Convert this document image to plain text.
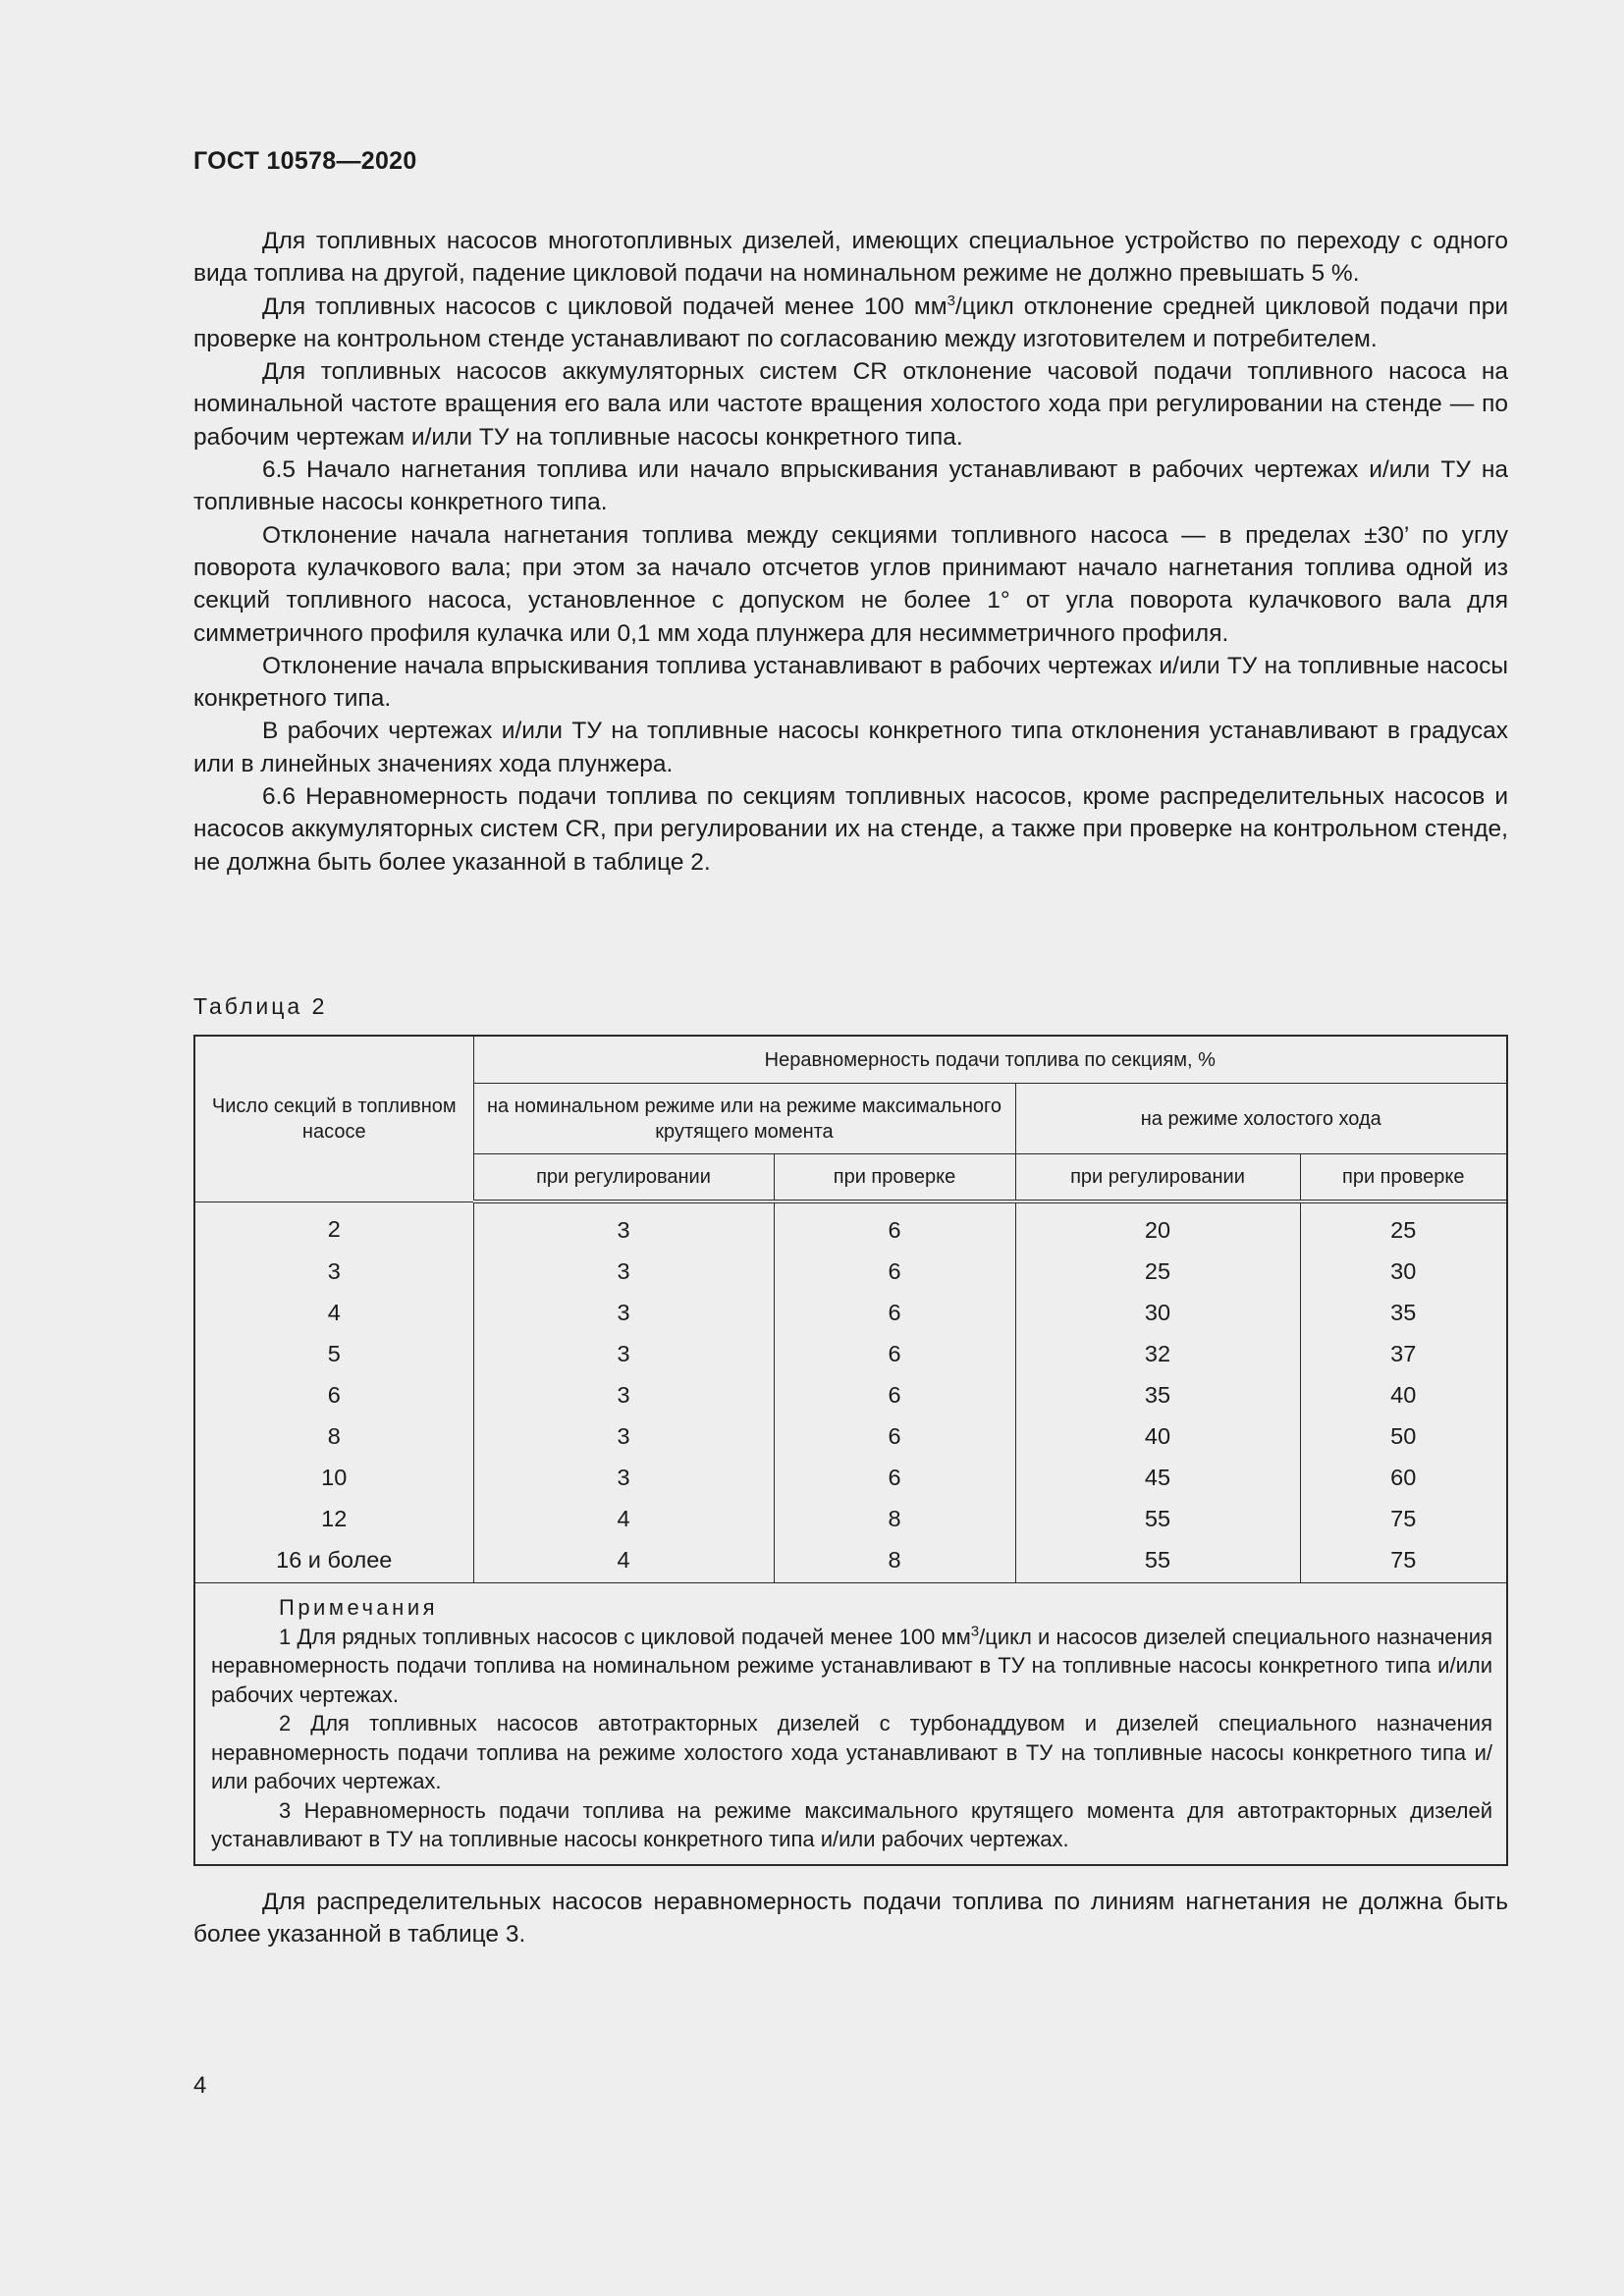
ГОСТ 10578—2020

Для топливных насосов многотопливных дизелей, имеющих специальное устройство по переходу с одного вида топлива на другой, падение цикловой подачи на номинальном режиме не должно превышать 5 %.

Для топливных насосов с цикловой подачей менее 100 $мм^3$/цикл отклонение средней цикловой подачи при проверке на контрольном стенде устанавливают по согласованию между изготовителем и потребителем.

Для топливных насосов аккумуляторных систем CR отклонение часовой подачи топливного насоса на номинальной частоте вращения его вала или частоте вращения холостого хода при регулировании на стенде — по рабочим чертежам и/или ТУ на топливные насосы конкретного типа.

6.5 Начало нагнетания топлива или начало впрыскивания устанавливают в рабочих чертежах и/или ТУ на топливные насосы конкретного типа.

Отклонение начала нагнетания топлива между секциями топливного насоса — в пределах ±30’ по углу поворота кулачкового вала; при этом за начало отсчетов углов принимают начало нагнетания топлива одной из секций топливного насоса, установленное с допуском не более 1° от угла поворота кулачкового вала для симметричного профиля кулачка или 0,1 мм хода плунжера для несимметричного профиля.

Отклонение начала впрыскивания топлива устанавливают в рабочих чертежах и/или ТУ на топливные насосы конкретного типа.

В рабочих чертежах и/или ТУ на топливные насосы конкретного типа отклонения устанавливают в градусах или в линейных значениях хода плунжера.

6.6 Неравномерность подачи топлива по секциям топливных насосов, кроме распределительных насосов и насосов аккумуляторных систем CR, при регулировании их на стенде, а также при проверке на контрольном стенде, не должна быть более указанной в таблице 2.

Таблица 2
Число секций в топливном насосе	Неравномерность подачи топлива по секциям, %			
	на номинальном режиме или на режиме максимального крутящего момента		на режиме холостого хода	
	при регулировании	при проверке	при регулировании	при проверке
2	3	6	20	25
3	3	6	25	30
4	3	6	30	35
5	3	6	32	37
6	3	6	35	40
8	3	6	40	50
10	3	6	45	60
12	4	8	55	75
16 и более	4	8	55	75
Примечания

1 Для рядных топливных насосов с цикловой подачей менее 100 $мм^3$/цикл и насосов дизелей специального назначения неравномерность подачи топлива на номинальном режиме устанавливают в ТУ на топливные насосы конкретного типа и/или рабочих чертежах.

2 Для топливных насосов автотракторных дизелей с турбонаддувом и дизелей специального назначения неравномерность подачи топлива на режиме холостого хода устанавливают в ТУ на топливные насосы конкретного типа и/или рабочих чертежах.

3 Неравномерность подачи топлива на режиме максимального крутящего момента для автотракторных дизелей устанавливают в ТУ на топливные насосы конкретного типа и/или рабочих чертежах.

Для распределительных насосов неравномерность подачи топлива по линиям нагнетания не должна быть более указанной в таблице 3.

4
